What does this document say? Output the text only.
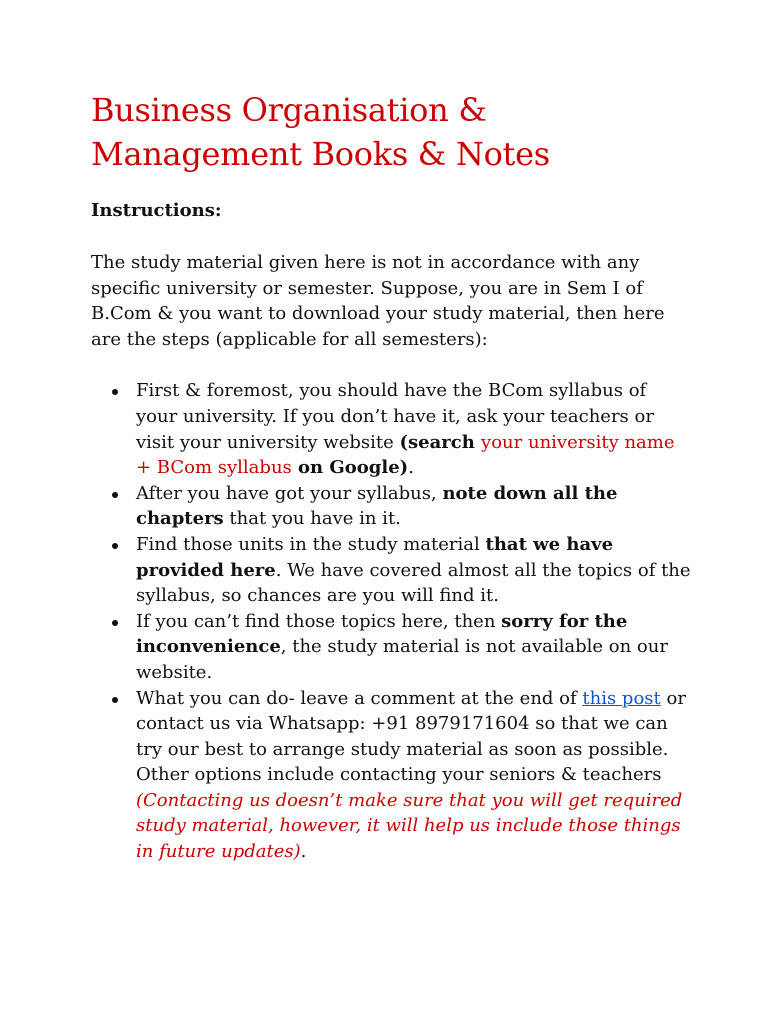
Business Organisation &
Management Books & Notes

Instructions:

The study material given here is not in accordance with any specific university or semester. Suppose, you are in Sem I of B.Com & you want to download your study material, then here are the steps (applicable for all semesters):

First & foremost, you should have the BCom syllabus of your university. If you don’t have it, ask your teachers or visit your university website (search your university name + BCom syllabus on Google).
After you have got your syllabus, note down all the chapters that you have in it.
Find those units in the study material that we have provided here. We have covered almost all the topics of the syllabus, so chances are you will find it.
If you can’t find those topics here, then sorry for the inconvenience, the study material is not available on our website.
What you can do- leave a comment at the end of this post or contact us via Whatsapp: +91 8979171604 so that we can try our best to arrange study material as soon as possible. Other options include contacting your seniors & teachers (Contacting us doesn’t make sure that you will get required study material, however, it will help us include those things in future updates).
